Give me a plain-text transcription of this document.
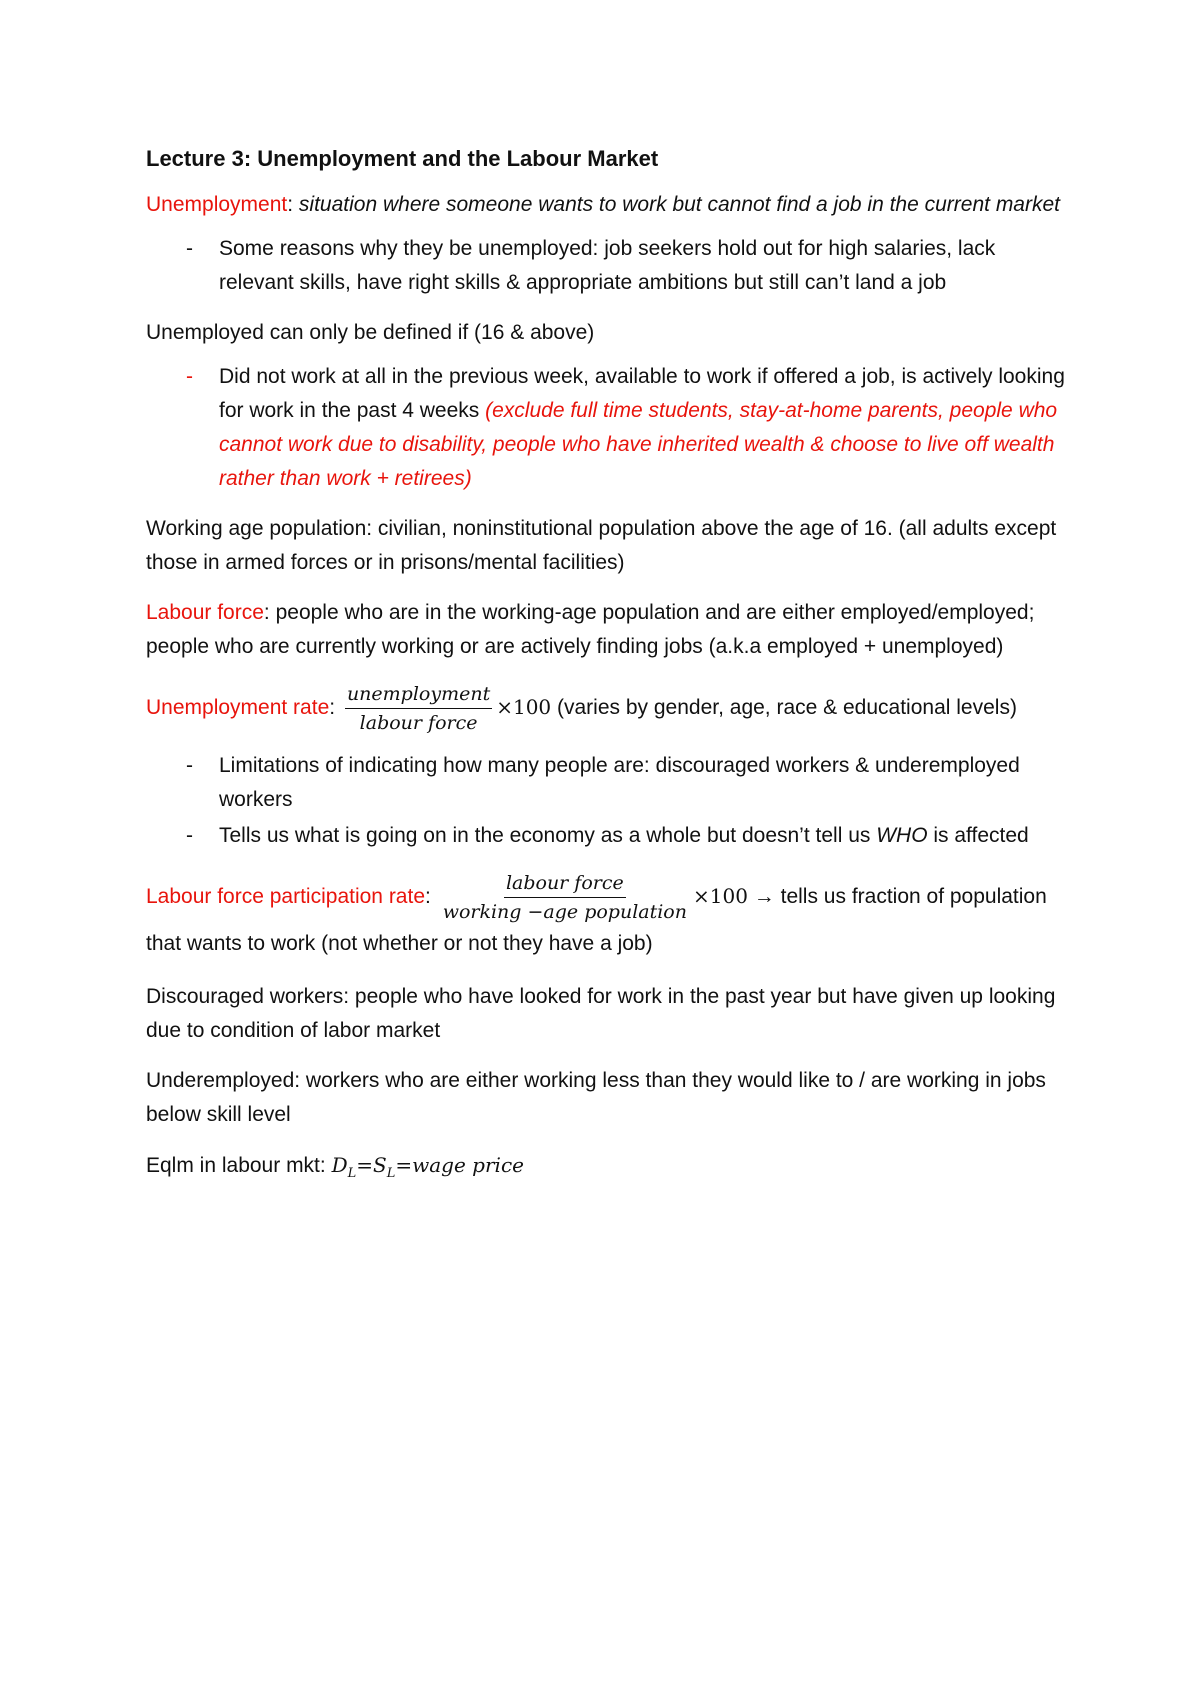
Lecture 3: Unemployment and the Labour Market

Unemployment: situation where someone wants to work but cannot find a job in the current market

-	Some reasons why they be unemployed: job seekers hold out for high salaries, lack relevant skills, have right skills & appropriate ambitions but still can’t land a job

Unemployed can only be defined if (16 & above)

-	Did not work at all in the previous week, available to work if offered a job, is actively looking for work in the past 4 weeks (exclude full time students, stay-at-home parents, people who cannot work due to disability, people who have inherited wealth & choose to live off wealth rather than work + retirees)

Working age population: civilian, noninstitutional population above the age of 16. (all adults except those in armed forces or in prisons/mental facilities)

Labour force: people who are in the working-age population and are either employed/employed; people who are currently working or are actively finding jobs (a.k.a employed + unemployed)

Unemployment rate: $\frac{\text{unemployment}}{\text{labour force}} \times 100$ (varies by gender, age, race & educational levels)

-	Limitations of indicating how many people are: discouraged workers & underemployed workers
-	Tells us what is going on in the economy as a whole but doesn’t tell us WHO is affected

Labour force participation rate: $\frac{\text{labour force}}{\text{working −age population}} \times 100$ → tells us fraction of population that wants to work (not whether or not they have a job)

Discouraged workers: people who have looked for work in the past year but have given up looking due to condition of labor market

Underemployed: workers who are either working less than they would like to / are working in jobs below skill level

Eqlm in labour mkt: $D_L=S_L=wage$ price
